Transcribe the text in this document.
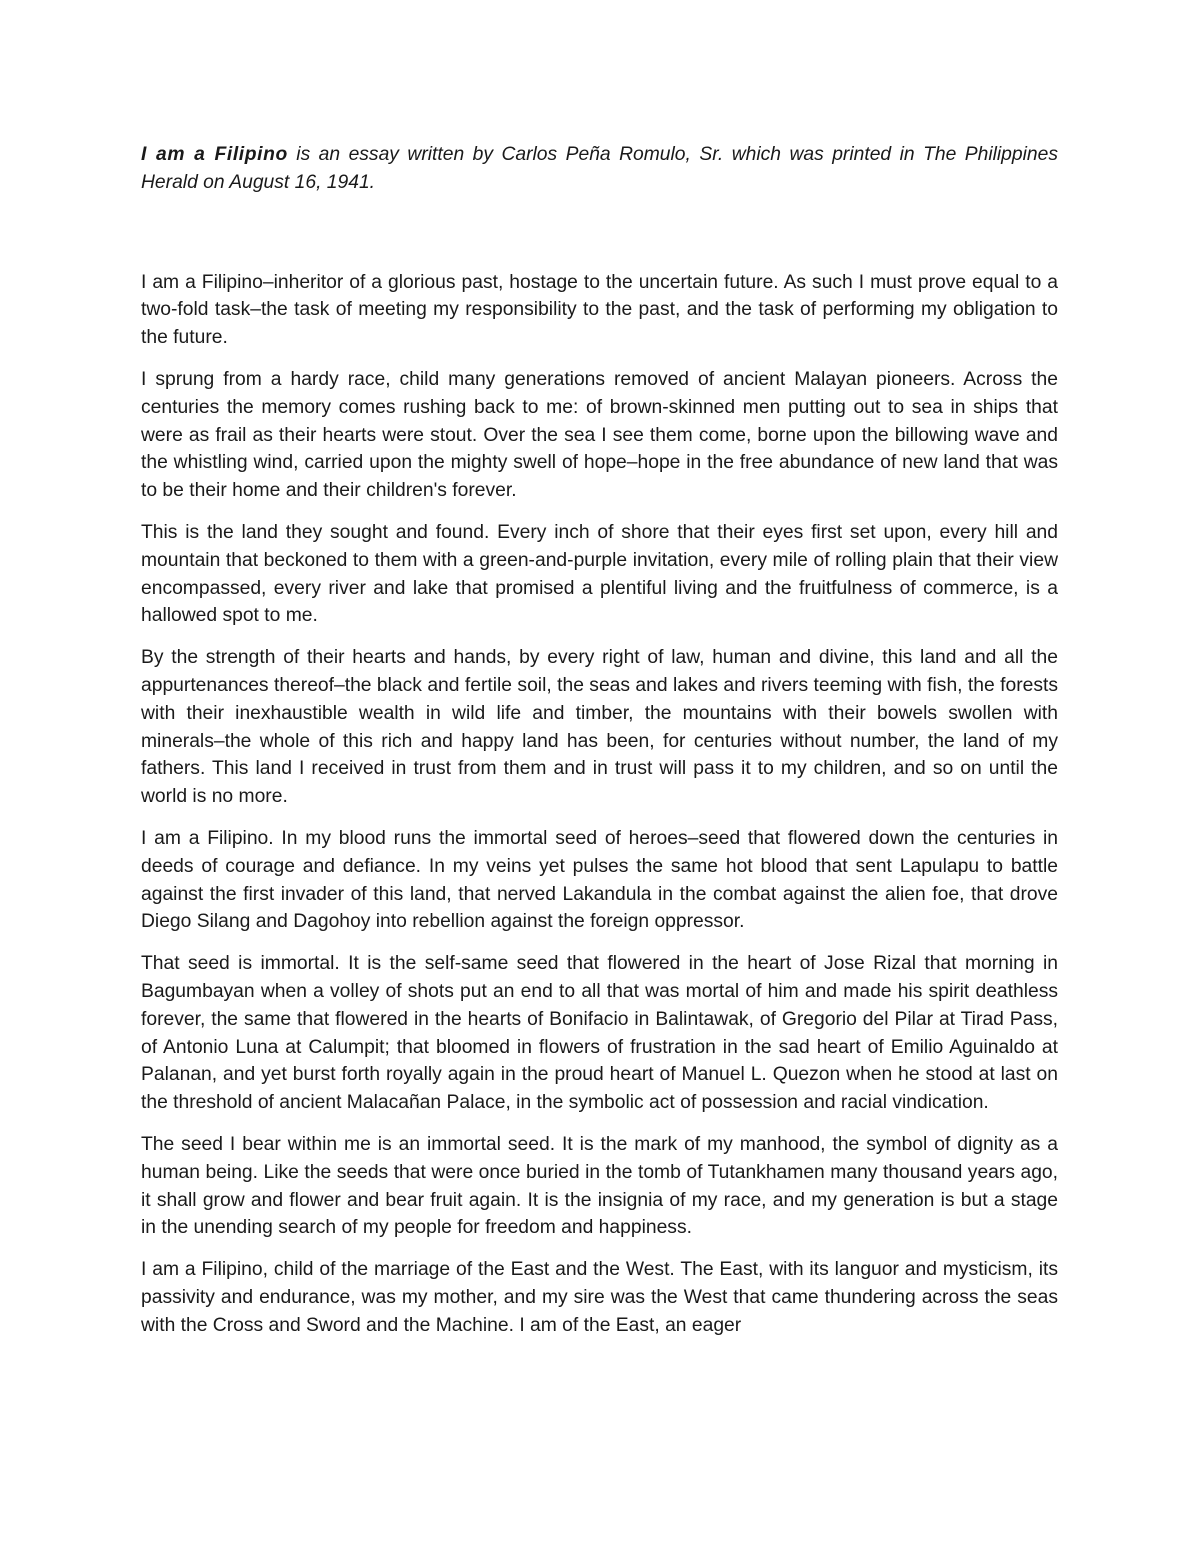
I am a Filipino is an essay written by Carlos Peña Romulo, Sr. which was printed in The Philippines Herald on August 16, 1941.

I am a Filipino–inheritor of a glorious past, hostage to the uncertain future. As such I must prove equal to a two-fold task–the task of meeting my responsibility to the past, and the task of performing my obligation to the future.

I sprung from a hardy race, child many generations removed of ancient Malayan pioneers. Across the centuries the memory comes rushing back to me: of brown-skinned men putting out to sea in ships that were as frail as their hearts were stout. Over the sea I see them come, borne upon the billowing wave and the whistling wind, carried upon the mighty swell of hope–hope in the free abundance of new land that was to be their home and their children's forever.

This is the land they sought and found. Every inch of shore that their eyes first set upon, every hill and mountain that beckoned to them with a green-and-purple invitation, every mile of rolling plain that their view encompassed, every river and lake that promised a plentiful living and the fruitfulness of commerce, is a hallowed spot to me.

By the strength of their hearts and hands, by every right of law, human and divine, this land and all the appurtenances thereof–the black and fertile soil, the seas and lakes and rivers teeming with fish, the forests with their inexhaustible wealth in wild life and timber, the mountains with their bowels swollen with minerals–the whole of this rich and happy land has been, for centuries without number, the land of my fathers. This land I received in trust from them and in trust will pass it to my children, and so on until the world is no more.

I am a Filipino. In my blood runs the immortal seed of heroes–seed that flowered down the centuries in deeds of courage and defiance. In my veins yet pulses the same hot blood that sent Lapulapu to battle against the first invader of this land, that nerved Lakandula in the combat against the alien foe, that drove Diego Silang and Dagohoy into rebellion against the foreign oppressor.

That seed is immortal. It is the self-same seed that flowered in the heart of Jose Rizal that morning in Bagumbayan when a volley of shots put an end to all that was mortal of him and made his spirit deathless forever, the same that flowered in the hearts of Bonifacio in Balintawak, of Gregorio del Pilar at Tirad Pass, of Antonio Luna at Calumpit; that bloomed in flowers of frustration in the sad heart of Emilio Aguinaldo at Palanan, and yet burst forth royally again in the proud heart of Manuel L. Quezon when he stood at last on the threshold of ancient Malacañan Palace, in the symbolic act of possession and racial vindication.

The seed I bear within me is an immortal seed. It is the mark of my manhood, the symbol of dignity as a human being. Like the seeds that were once buried in the tomb of Tutankhamen many thousand years ago, it shall grow and flower and bear fruit again. It is the insignia of my race, and my generation is but a stage in the unending search of my people for freedom and happiness.

I am a Filipino, child of the marriage of the East and the West. The East, with its languor and mysticism, its passivity and endurance, was my mother, and my sire was the West that came thundering across the seas with the Cross and Sword and the Machine. I am of the East, an eager
